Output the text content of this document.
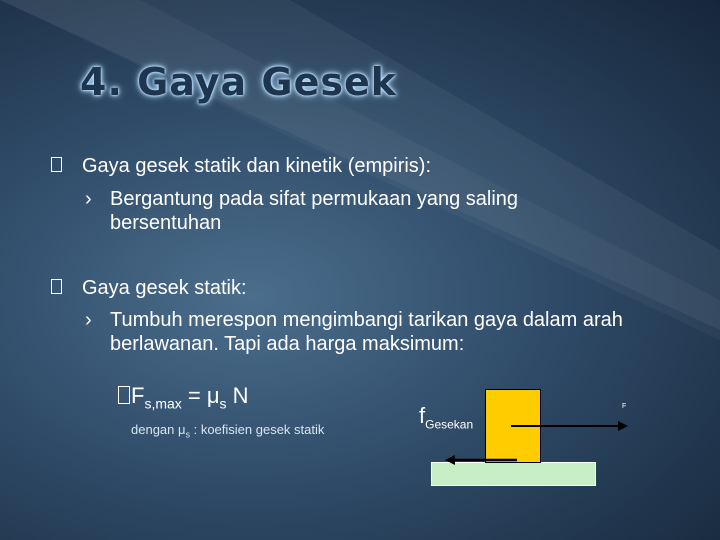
4. Gaya Gesek
Gaya gesek statik dan kinetik (empiris):
› Bergantung pada sifat permukaan yang saling bersentuhan
Gaya gesek statik:
› Tumbuh merespon mengimbangi tarikan gaya dalam arah berlawanan. Tapi ada harga maksimum:
$F_{s,max} = \mu_s$ N
dengan $\mu_s$ : koefisien gesek statik
$f_{Gesekan}$
F
